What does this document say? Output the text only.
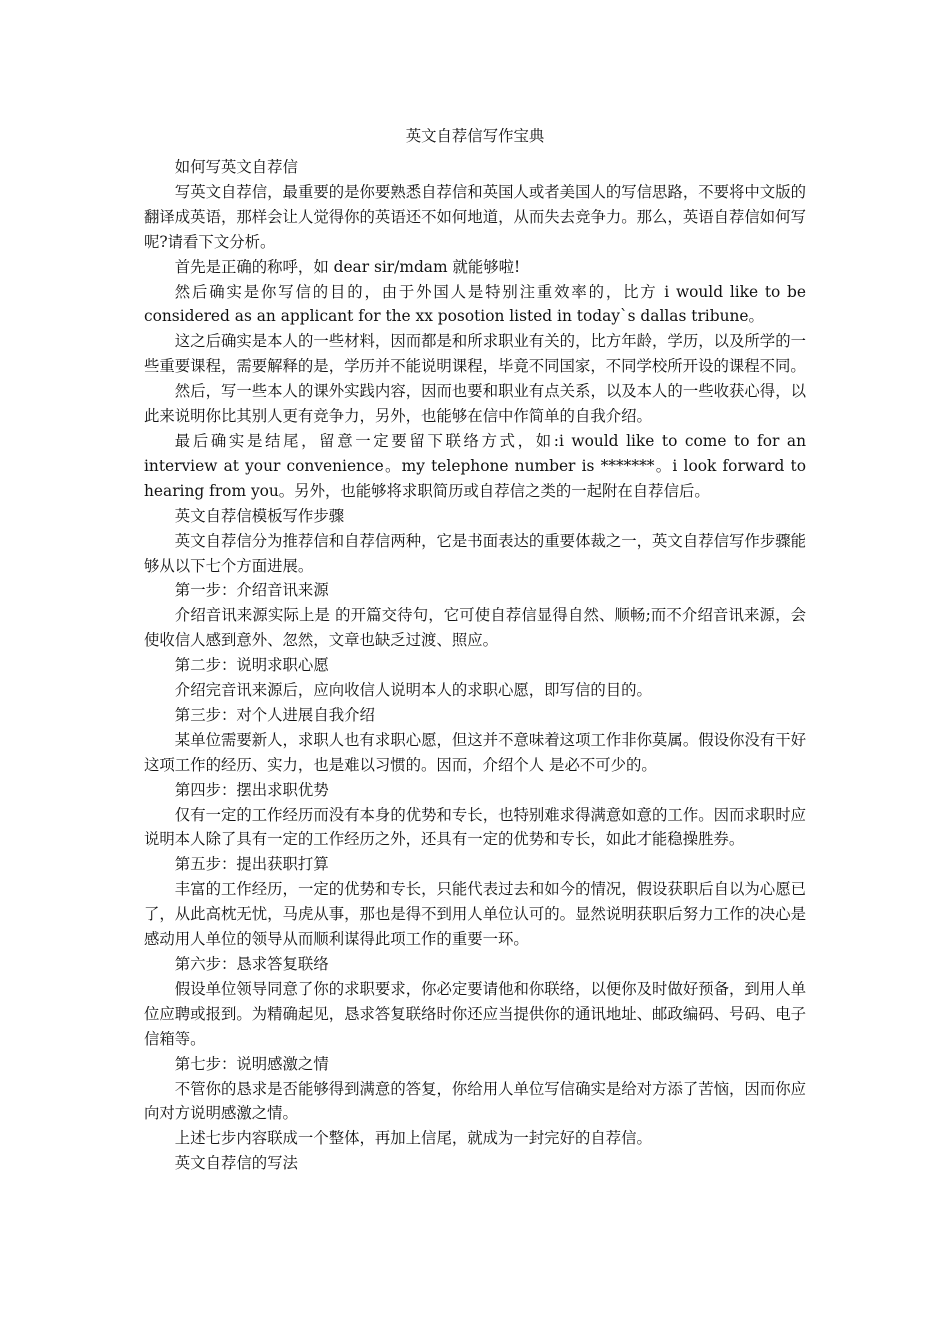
英文自荐信写作宝典

如何写英文自荐信

写英文自荐信，最重要的是你要熟悉自荐信和英国人或者美国人的写信思路，不要将中文版的翻译成英语，那样会让人觉得你的英语还不如何地道，从而失去竞争力。那么，英语自荐信如何写呢?请看下文分析。

首先是正确的称呼，如 dear sir/mdam 就能够啦!

然后确实是你写信的目的，由于外国人是特别注重效率的，比方 i would like to be considered as an applicant for the xx posotion listed in today`s dallas tribune。

这之后确实是本人的一些材料，因而都是和所求职业有关的，比方年龄，学历，以及所学的一些重要课程，需要解释的是，学历并不能说明课程，毕竟不同国家，不同学校所开设的课程不同。

然后，写一些本人的课外实践内容，因而也要和职业有点关系，以及本人的一些收获心得，以此来说明你比其别人更有竞争力，另外，也能够在信中作简单的自我介绍。

最后确实是结尾，留意一定要留下联络方式，如:i would like to come to for an interview at your convenience。my telephone number is *******。i look forward to hearing from you。另外，也能够将求职简历或自荐信之类的一起附在自荐信后。

英文自荐信模板写作步骤

英文自荐信分为推荐信和自荐信两种，它是书面表达的重要体裁之一，英文自荐信写作步骤能够从以下七个方面进展。

第一步：介绍音讯来源

介绍音讯来源实际上是 的开篇交待句，它可使自荐信显得自然、顺畅;而不介绍音讯来源，会使收信人感到意外、忽然，文章也缺乏过渡、照应。

第二步：说明求职心愿

介绍完音讯来源后，应向收信人说明本人的求职心愿，即写信的目的。

第三步：对个人进展自我介绍

某单位需要新人，求职人也有求职心愿，但这并不意味着这项工作非你莫属。假设你没有干好这项工作的经历、实力，也是难以习惯的。因而，介绍个人 是必不可少的。

第四步：摆出求职优势

仅有一定的工作经历而没有本身的优势和专长，也特别难求得满意如意的工作。因而求职时应说明本人除了具有一定的工作经历之外，还具有一定的优势和专长，如此才能稳操胜券。

第五步：提出获职打算

丰富的工作经历，一定的优势和专长，只能代表过去和如今的情况，假设获职后自以为心愿已了，从此高枕无忧，马虎从事，那也是得不到用人单位认可的。显然说明获职后努力工作的决心是感动用人单位的领导从而顺利谋得此项工作的重要一环。

第六步：恳求答复联络

假设单位领导同意了你的求职要求，你必定要请他和你联络，以便你及时做好预备，到用人单位应聘或报到。为精确起见，恳求答复联络时你还应当提供你的通讯地址、邮政编码、号码、电子信箱等。

第七步：说明感激之情

不管你的恳求是否能够得到满意的答复，你给用人单位写信确实是给对方添了苦恼，因而你应向对方说明感激之情。

上述七步内容联成一个整体，再加上信尾，就成为一封完好的自荐信。

英文自荐信的写法
